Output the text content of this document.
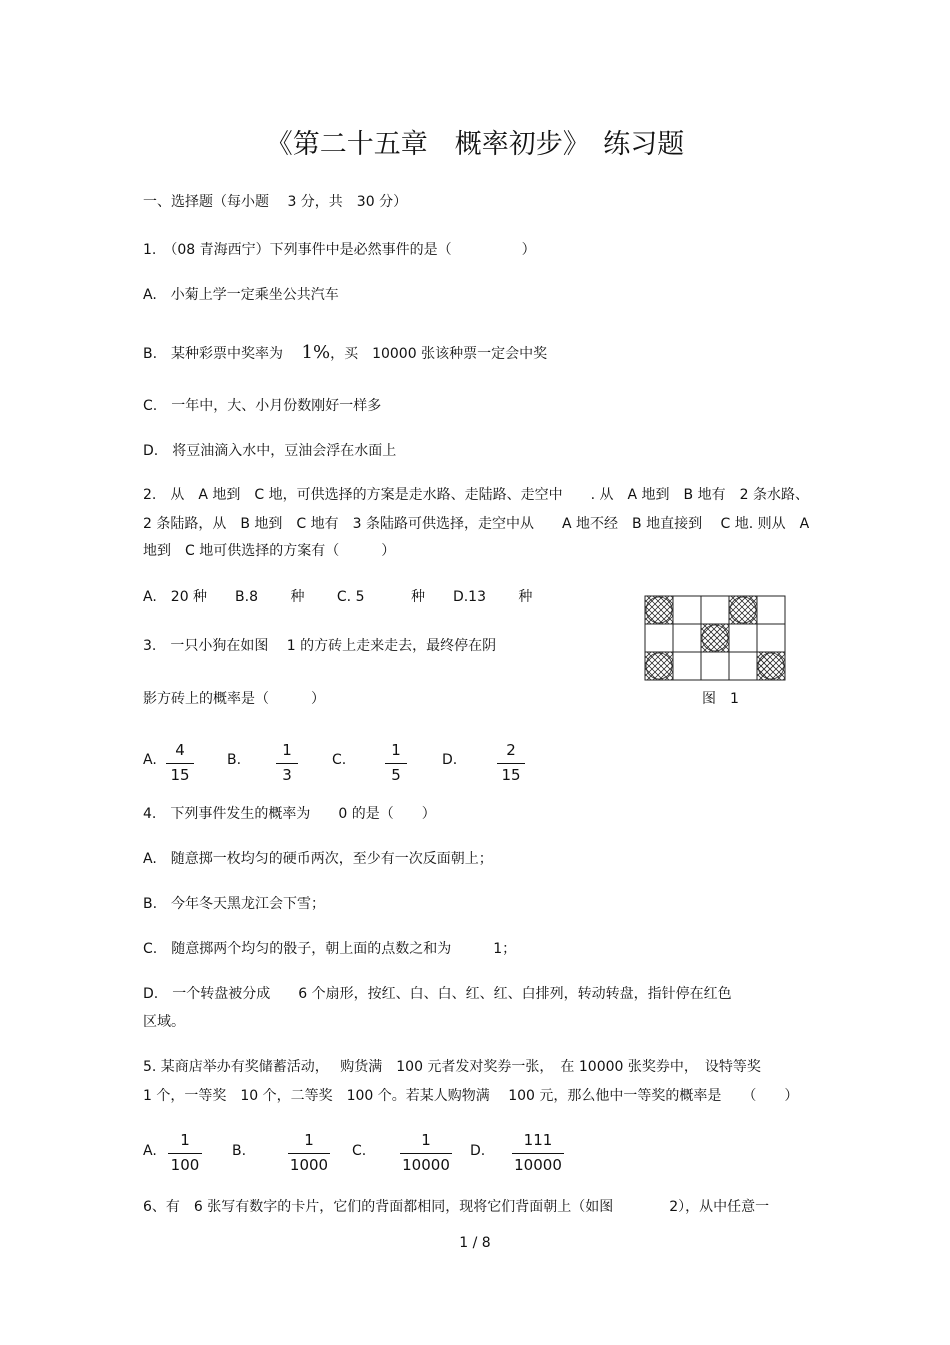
《第二十五章　概率初步》　练习题
一、选择题（每小题　 3 分，共　30 分）
1.　（08 青海西宁）下列事件中是必然事件的是（　　　　　）
A.　小菊上学一定乘坐公共汽车
B.　某种彩票中奖率为　 1%，买　10000 张该种票一定会中奖
C.　一年中，大、小月份数刚好一样多
D.　将豆油滴入水中，豆油会浮在水面上
2.　从　A 地到　C 地，可供选择的方案是走水路、走陆路、走空中　　. 从　A 地到　B 地有　2 条水路、
2 条陆路，从　B 地到　C 地有　3 条陆路可供选择，走空中从　　A 地不经　B 地直接到　 C 地. 则从　A
地到　C 地可供选择的方案有（　　　）
A.　20 种　　B.8　　 种　　 C. 5　　　 种　　D.13　　 种
3.　一只小狗在如图　 1 的方砖上走来走去，最终停在阴
影方砖上的概率是（　　　）	图　1
A.
4
15
B.
1
3
C.
1
5
D.
2
15
4.　下列事件发生的概率为　　0 的是（　　）
A.　随意掷一枚均匀的硬币两次，至少有一次反面朝上；
B.　今年冬天黑龙江会下雪；
C.　随意掷两个均匀的骰子，朝上面的点数之和为　　　1；
D.　一个转盘被分成　　6 个扇形，按红、白、白、红、红、白排列，转动转盘，指针停在红色
区域。
5. 某商店举办有奖储蓄活动，　 购货满　100 元者发对奖券一张，　在 10000 张奖券中，　设特等奖
1 个，一等奖　10 个，二等奖　100 个。若某人购物满　 100 元，那么他中一等奖的概率是　　（　　）
A.
1
100
B.
1
1000
C.
1
10000
D.
111
10000
6、有　6 张写有数字的卡片，它们的背面都相同，现将它们背面朝上（如图　　　　2），从中任意一
1 / 8
